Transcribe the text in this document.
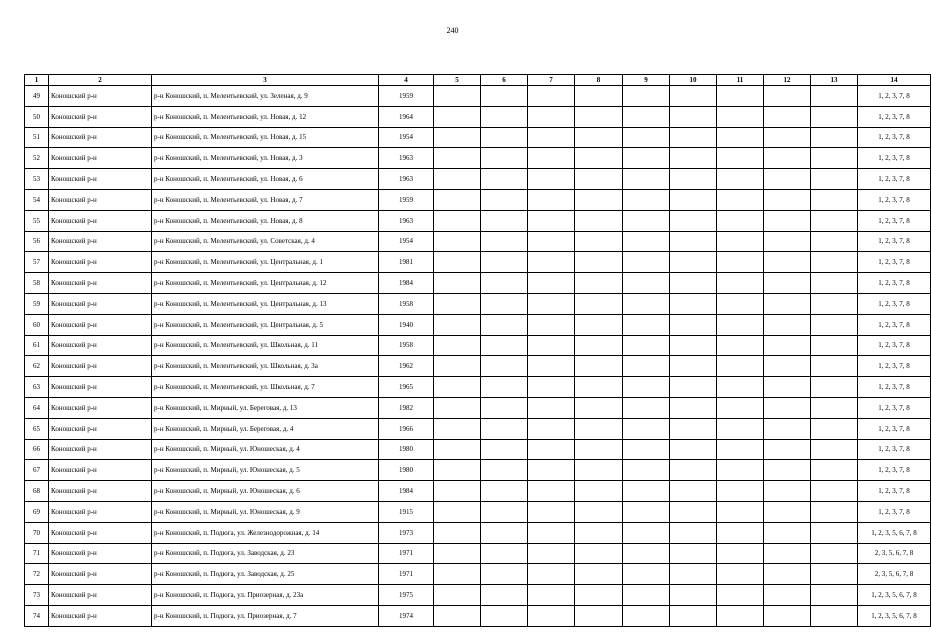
240
1	2	3	4	5	6	7	8	9	10	11	12	13	14
49	Коношский р-н	р-н Коношский, п. Мелентьевский, ул. Зеленая, д. 9	1959										1, 2, 3, 7, 8
50	Коношский р-н	р-н Коношский, п. Мелентьевский, ул. Новая, д. 12	1964										1, 2, 3, 7, 8
51	Коношский р-н	р-н Коношский, п. Мелентьевский, ул. Новая, д. 15	1954										1, 2, 3, 7, 8
52	Коношский р-н	р-н Коношский, п. Мелентьевский, ул. Новая, д. 3	1963										1, 2, 3, 7, 8
53	Коношский р-н	р-н Коношский, п. Мелентьевский, ул. Новая, д. 6	1963										1, 2, 3, 7, 8
54	Коношский р-н	р-н Коношский, п. Мелентьевский, ул. Новая, д. 7	1959										1, 2, 3, 7, 8
55	Коношский р-н	р-н Коношский, п. Мелентьевский, ул. Новая, д. 8	1963										1, 2, 3, 7, 8
56	Коношский р-н	р-н Коношский, п. Мелентьевский, ул. Советская, д. 4	1954										1, 2, 3, 7, 8
57	Коношский р-н	р-н Коношский, п. Мелентьевский, ул. Центральная, д. 1	1981										1, 2, 3, 7, 8
58	Коношский р-н	р-н Коношский, п. Мелентьевский, ул. Центральная, д. 12	1984										1, 2, 3, 7, 8
59	Коношский р-н	р-н Коношский, п. Мелентьевский, ул. Центральная, д. 13	1958										1, 2, 3, 7, 8
60	Коношский р-н	р-н Коношский, п. Мелентьевский, ул. Центральная, д. 5	1940										1, 2, 3, 7, 8
61	Коношский р-н	р-н Коношский, п. Мелентьевский, ул. Школьная, д. 11	1958										1, 2, 3, 7, 8
62	Коношский р-н	р-н Коношский, п. Мелентьевский, ул. Школьная, д. 3а	1962										1, 2, 3, 7, 8
63	Коношский р-н	р-н Коношский, п. Мелентьевский, ул. Школьная, д. 7	1965										1, 2, 3, 7, 8
64	Коношский р-н	р-н Коношский, п. Мирный, ул. Береговая, д. 13	1982										1, 2, 3, 7, 8
65	Коношский р-н	р-н Коношский, п. Мирный, ул. Береговая, д. 4	1966										1, 2, 3, 7, 8
66	Коношский р-н	р-н Коношский, п. Мирный, ул. Юношеская, д. 4	1980										1, 2, 3, 7, 8
67	Коношский р-н	р-н Коношский, п. Мирный, ул. Юношеская, д. 5	1980										1, 2, 3, 7, 8
68	Коношский р-н	р-н Коношский, п. Мирный, ул. Юношеская, д. 6	1984										1, 2, 3, 7, 8
69	Коношский р-н	р-н Коношский, п. Мирный, ул. Юношеская, д. 9	1915										1, 2, 3, 7, 8
70	Коношский р-н	р-н Коношский, п. Подюга, ул. Железнодорожная, д. 14	1973										1, 2, 3, 5, 6, 7, 8
71	Коношский р-н	р-н Коношский, п. Подюга, ул. Заводская, д. 23	1971										2, 3, 5, 6, 7, 8
72	Коношский р-н	р-н Коношский, п. Подюга, ул. Заводская, д. 25	1971										2, 3, 5, 6, 7, 8
73	Коношский р-н	р-н Коношский, п. Подюга, ул. Приозерная, д. 23а	1975										1, 2, 3, 5, 6, 7, 8
74	Коношский р-н	р-н Коношский, п. Подюга, ул. Приозерная, д. 7	1974										1, 2, 3, 5, 6, 7, 8
